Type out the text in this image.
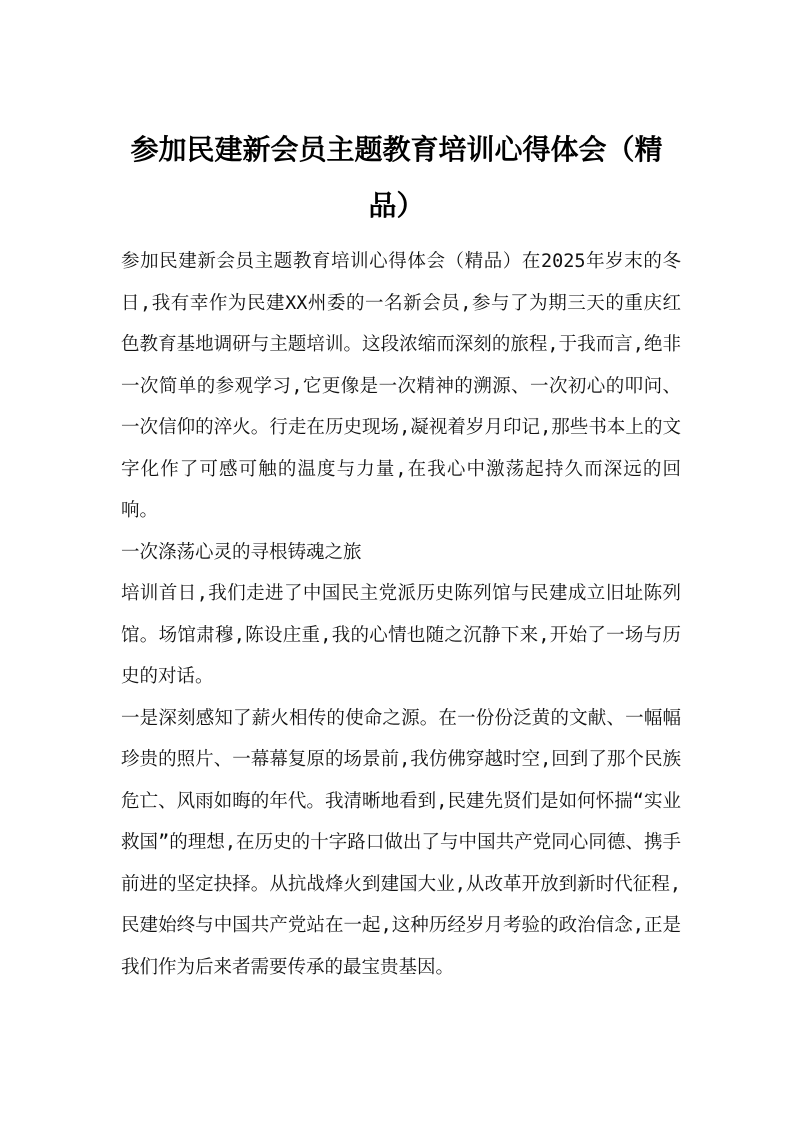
参加民建新会员主题教育培训心得体会（精品）

参加民建新会员主题教育培训心得体会（精品）在2025年岁末的冬日,我有幸作为民建XX州委的一名新会员,参与了为期三天的重庆红色教育基地调研与主题培训。这段浓缩而深刻的旅程,于我而言,绝非一次简单的参观学习,它更像是一次精神的溯源、一次初心的叩问、一次信仰的淬火。行走在历史现场,凝视着岁月印记,那些书本上的文字化作了可感可触的温度与力量,在我心中激荡起持久而深远的回响。

一次涤荡心灵的寻根铸魂之旅

培训首日,我们走进了中国民主党派历史陈列馆与民建成立旧址陈列馆。场馆肃穆,陈设庄重,我的心情也随之沉静下来,开始了一场与历史的对话。

一是深刻感知了薪火相传的使命之源。在一份份泛黄的文献、一幅幅珍贵的照片、一幕幕复原的场景前,我仿佛穿越时空,回到了那个民族危亡、风雨如晦的年代。我清晰地看到,民建先贤们是如何怀揣“实业救国”的理想,在历史的十字路口做出了与中国共产党同心同德、携手前进的坚定抉择。从抗战烽火到建国大业,从改革开放到新时代征程,民建始终与中国共产党站在一起,这种历经岁月考验的政治信念,正是我们作为后来者需要传承的最宝贵基因。
